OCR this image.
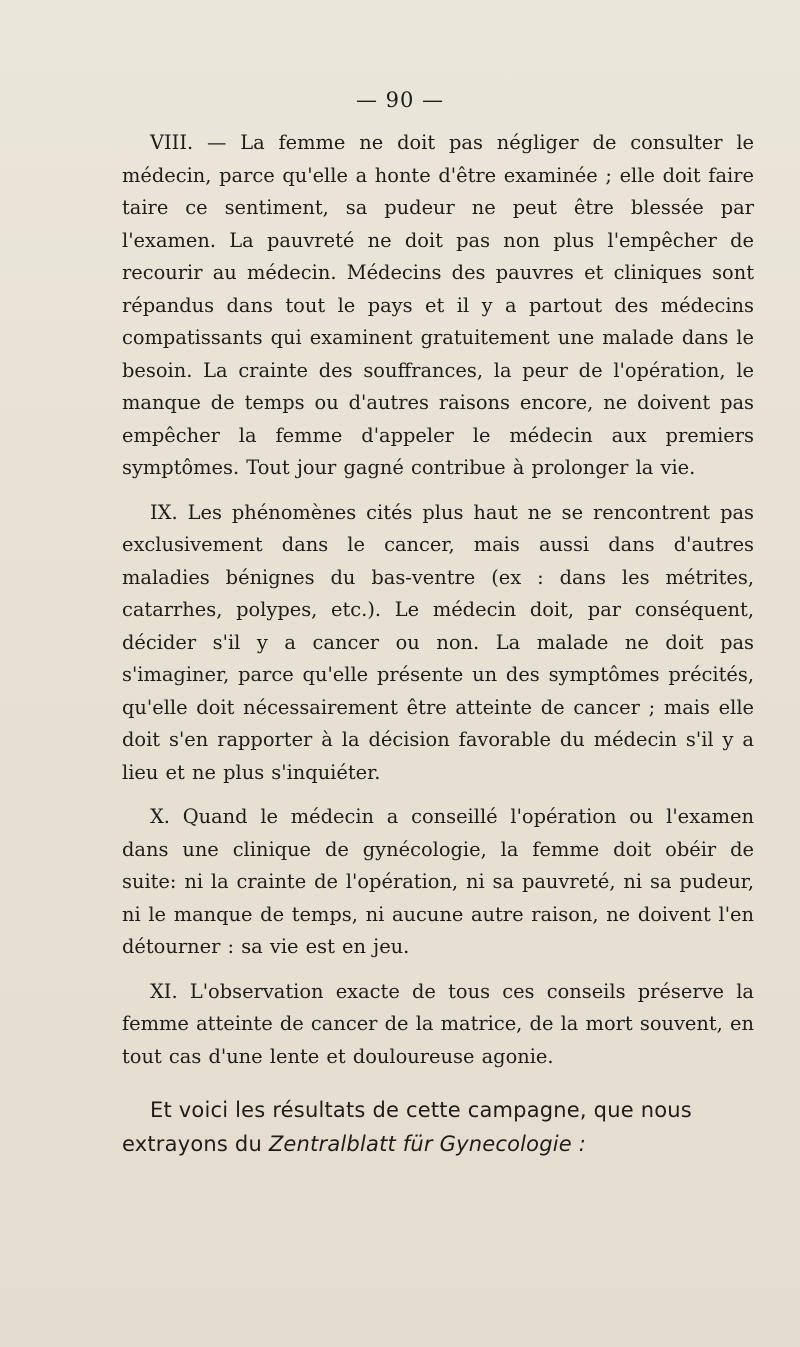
— 90 —

VIII. — La femme ne doit pas négliger de consulter le médecin, parce qu'elle a honte d'être examinée ; elle doit faire taire ce sentiment, sa pudeur ne peut être blessée par l'examen. La pauvreté ne doit pas non plus l'empêcher de recourir au médecin. Médecins des pauvres et cliniques sont répandus dans tout le pays et il y a partout des médecins compatissants qui examinent gratuitement une malade dans le besoin. La crainte des souffrances, la peur de l'opération, le manque de temps ou d'autres raisons encore, ne doivent pas empêcher la femme d'appeler le médecin aux premiers symptômes. Tout jour gagné contribue à prolonger la vie.

IX. Les phénomènes cités plus haut ne se rencontrent pas exclusivement dans le cancer, mais aussi dans d'autres maladies bénignes du bas-ventre (ex : dans les métrites, catarrhes, polypes, etc.). Le médecin doit, par conséquent, décider s'il y a cancer ou non. La malade ne doit pas s'imaginer, parce qu'elle présente un des symptômes précités, qu'elle doit nécessairement être atteinte de cancer ; mais elle doit s'en rapporter à la décision favorable du médecin s'il y a lieu et ne plus s'inquiéter.

X. Quand le médecin a conseillé l'opération ou l'examen dans une clinique de gynécologie, la femme doit obéir de suite: ni la crainte de l'opération, ni sa pauvreté, ni sa pudeur, ni le manque de temps, ni aucune autre raison, ne doivent l'en détourner : sa vie est en jeu.

XI. L'observation exacte de tous ces conseils préserve la femme atteinte de cancer de la matrice, de la mort souvent, en tout cas d'une lente et douloureuse agonie.

Et voici les résultats de cette campagne, que nous extrayons du Zentralblatt für Gynecologie :
